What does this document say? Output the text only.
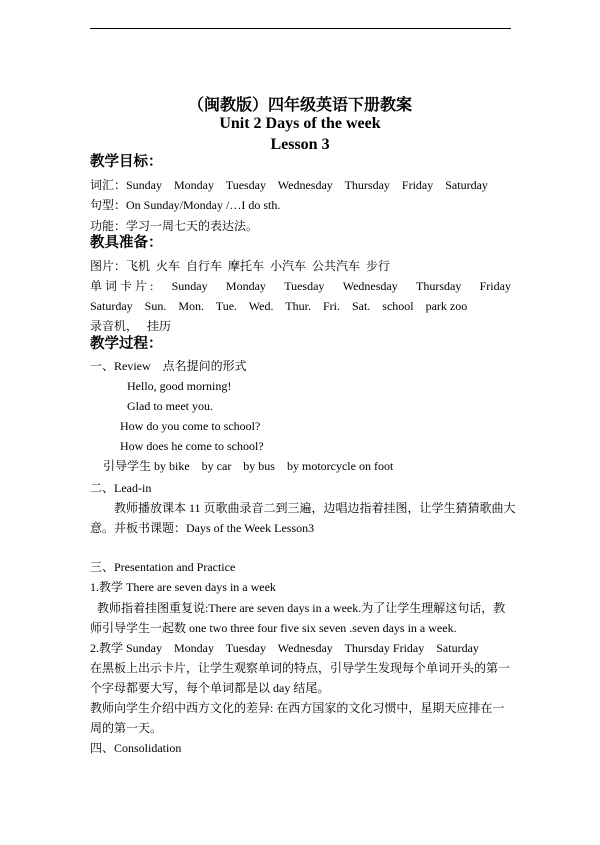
（闽教版）四年级英语下册教案
Unit 2 Days of the week
Lesson 3
教学目标：
词汇：Sunday    Monday    Tuesday    Wednesday    Thursday    Friday    Saturday
句型：On Sunday/Monday /…I do sth.
功能：学习一周七天的表达法。
教具准备：
图片：飞机  火车  自行车  摩托车  小汽车  公共汽车  步行
单 词 卡 片 : Sunday Monday Tuesday Wednesday Thursday Friday
Saturday    Sun.    Mon.    Tue.    Wed.    Thur.    Fri.    Sat.    school    park zoo
录音机，   挂历
教学过程：
一、Review    点名提问的形式
Hello, good morning!
Glad to meet you.
How do you come to school?
How does he come to school?
引导学生 by bike    by car    by bus    by motorcycle on foot
二、Lead-in
教师播放课本 11 页歌曲录音二到三遍，边唱边指着挂图，让学生猜猜歌曲大
意。并板书课题：Days of the Week Lesson3
三、Presentation and Practice
1.教学 There are seven days in a week
教师指着挂图重复说:There are seven days in a week.为了让学生理解这句话，教
师引导学生一起数 one two three four five six seven .seven days in a week.
2.教学 Sunday    Monday    Tuesday    Wednesday    Thursday Friday    Saturday
在黑板上出示卡片，让学生观察单词的特点，引导学生发现每个单词开头的第一
个字母都要大写，每个单词都是以 day 结尾。
教师向学生介绍中西方文化的差异: 在西方国家的文化习惯中，星期天应排在一
周的第一天。
四、Consolidation
